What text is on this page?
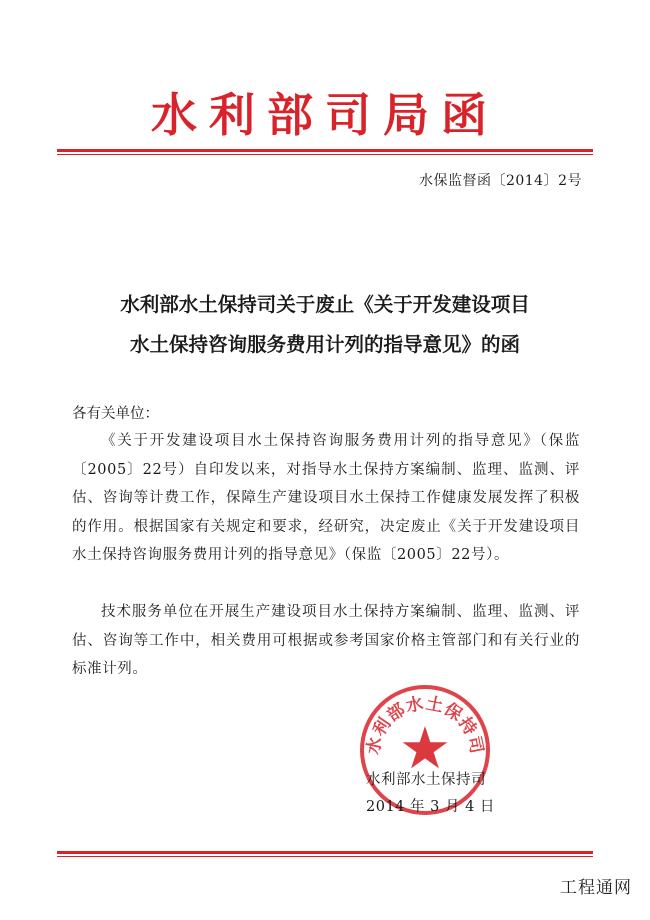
水利部司局函
水保监督函〔2014〕2号
水利部水土保持司关于废止《关于开发建设项目
水土保持咨询服务费用计列的指导意见》的函
各有关单位：

《关于开发建设项目水土保持咨询服务费用计列的指导意见》（保监〔2005〕22号）自印发以来，对指导水土保持方案编制、监理、监测、评估、咨询等计费工作，保障生产建设项目水土保持工作健康发展发挥了积极的作用。根据国家有关规定和要求，经研究，决定废止《关于开发建设项目水土保持咨询服务费用计列的指导意见》（保监〔2005〕22号）。

技术服务单位在开展生产建设项目水土保持方案编制、监理、监测、评估、咨询等工作中，相关费用可根据或参考国家价格主管部门和有关行业的标准计列。

水利部水土保持司
水利部水土保持司
2014 年 3 月 4 日
工程通网
